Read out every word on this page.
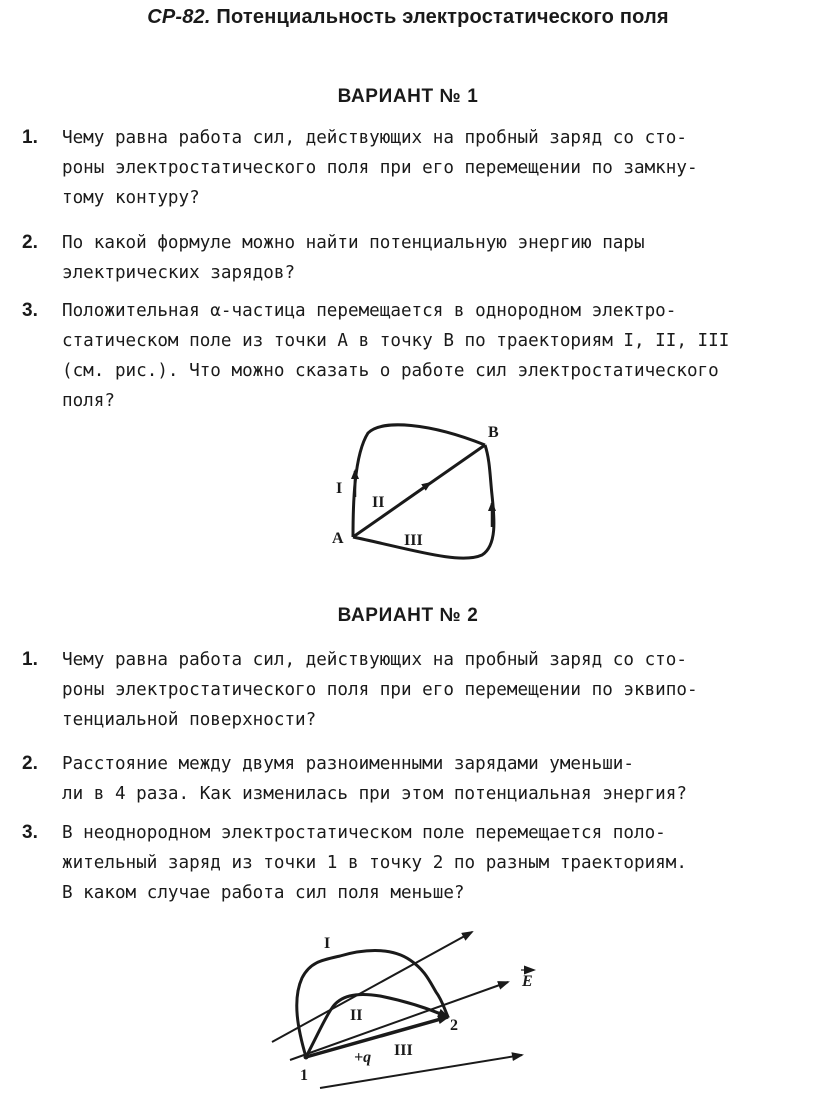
СР-82. Потенциальность электростатического поля
ВАРИАНТ № 1
1. Чему равна работа сил, действующих на пробный заряд со сто-
роны электростатического поля при его перемещении по замкну-
тому контуру?
2. По какой формуле можно найти потенциальную энергию пары
электрических зарядов?
3. Положительная α-частица перемещается в однородном электро-
статическом поле из точки А в точку В по траекториям I, II, III
(см. рис.). Что можно сказать о работе сил электростатического
поля?
A
B
I
II
III
ВАРИАНТ № 2
1. Чему равна работа сил, действующих на пробный заряд со сто-
роны электростатического поля при его перемещении по эквипо-
тенциальной поверхности?
2. Расстояние между двумя разноименными зарядами уменьши-
ли в 4 раза. Как изменилась при этом потенциальная энергия?
3. В неоднородном электростатическом поле перемещается поло-
жительный заряд из точки 1 в точку 2 по разным траекториям.
В каком случае работа сил поля меньше?
I
II
III
+q
1
2
E
